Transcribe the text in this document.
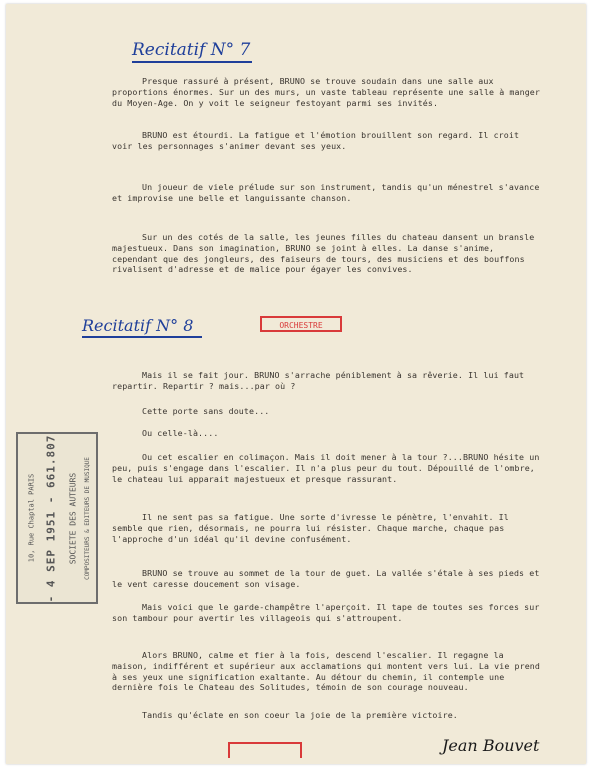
Recitatif N° 7
Presque rassuré à présent, BRUNO se trouve soudain dans une salle aux proportions énormes. Sur un des murs, un vaste tableau représente une salle à manger du Moyen-Age. On y voit le seigneur festoyant parmi ses invités.
BRUNO est étourdi. La fatigue et l'émotion brouillent son regard. Il croit voir les personnages s'animer devant ses yeux.
Un joueur de viele prélude sur son instrument, tandis qu'un ménestrel s'avance et improvise une belle et languissante chanson.
Sur un des cotés de la salle, les jeunes filles du chateau dansent un bransle majestueux. Dans son imagination, BRUNO se joint à elles. La danse s'anime, cependant que des jongleurs, des faiseurs de tours, des musiciens et des bouffons rivalisent d'adresse et de malice pour égayer les convives.
Recitatif N° 8	ORCHESTRE
Mais il se fait jour. BRUNO s'arrache péniblement à sa rêverie. Il lui faut repartir. Repartir ? mais...par où ?
Cette porte sans doute...
Ou celle-là....
Ou cet escalier en colimaçon. Mais il doit mener à la tour ?...BRUNO hésite un peu, puis s'engage dans l'escalier. Il n'a plus peur du tout. Dépouillé de l'ombre, le chateau lui apparait majestueux et presque rassurant.
Il ne sent pas sa fatigue. Une sorte d'ivresse le pénètre, l'envahit. Il semble que rien, désormais, ne pourra lui résister. Chaque marche, chaque pas l'approche d'un idéal qu'il devine confusément.
BRUNO se trouve au sommet de la tour de guet. La vallée s'étale à ses pieds et le vent caresse doucement son visage.
Mais voici que le garde-champêtre l'aperçoit. Il tape de toutes ses forces sur son tambour pour avertir les villageois qui s'attroupent.
Alors BRUNO, calme et fier à la fois, descend l'escalier. Il regagne la maison, indifférent et supérieur aux acclamations qui montent vers lui. La vie prend à ses yeux une signification exaltante. Au détour du chemin, il contemple une dernière fois le Chateau des Solitudes, témoin de son courage nouveau.
Tandis qu'éclate en son coeur la joie de la première victoire.
10, Rue Chaptal PARIS - 4 SEP 1951 - 661.807 SOCIETE DES AUTEURS COMPOSITEURS & EDITEURS DE MUSIQUE
Jean Bouvet
